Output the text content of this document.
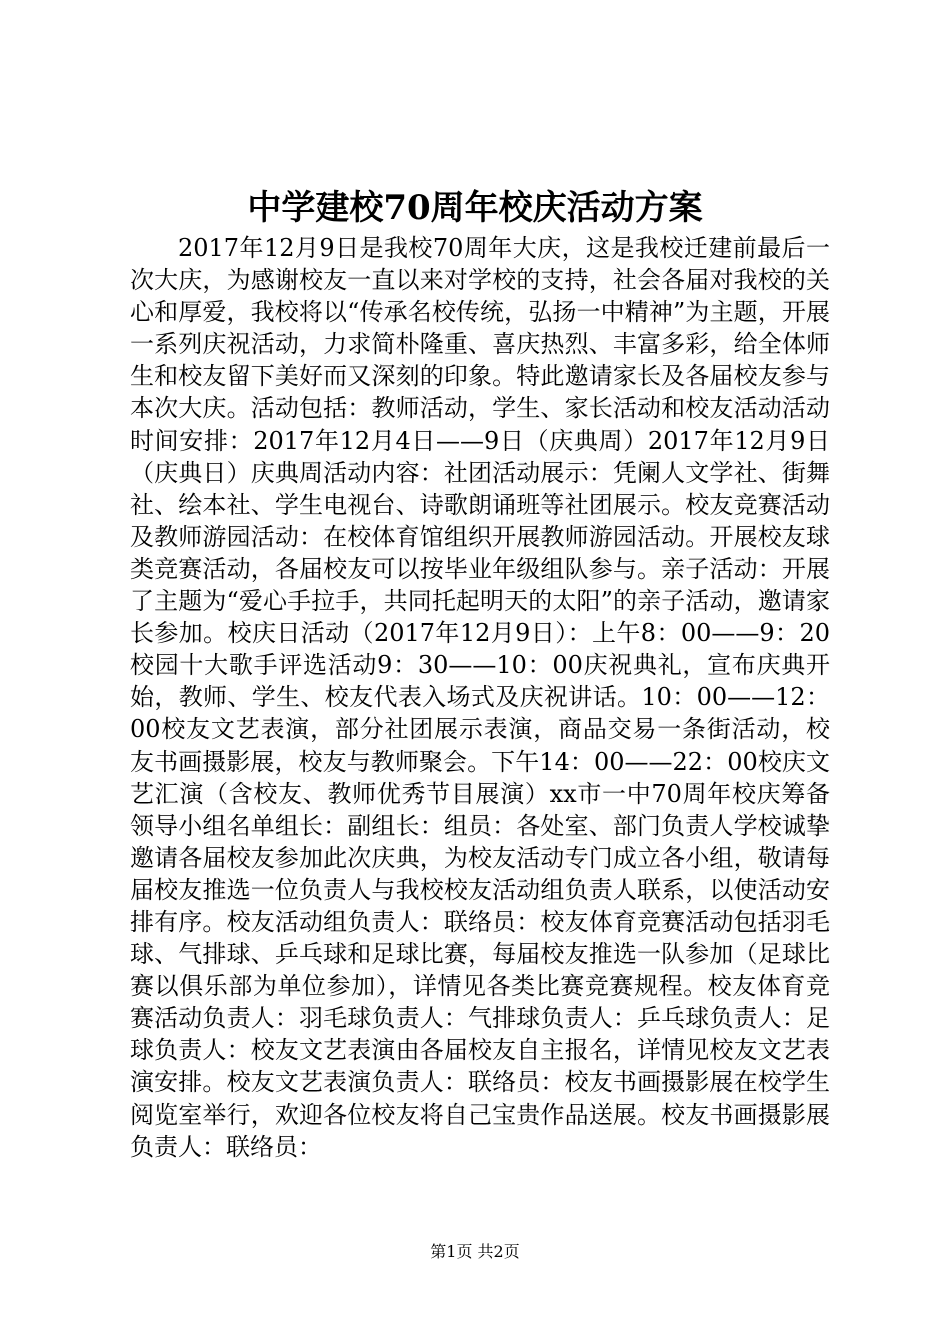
中学建校70周年校庆活动方案

2017年12月9日是我校70周年大庆，这是我校迁建前最后一次大庆，为感谢校友一直以来对学校的支持，社会各届对我校的关心和厚爱，我校将以“传承名校传统，弘扬一中精神”为主题，开展一系列庆祝活动，力求简朴隆重、喜庆热烈、丰富多彩，给全体师生和校友留下美好而又深刻的印象。特此邀请家长及各届校友参与本次大庆。活动包括：教师活动，学生、家长活动和校友活动活动时间安排：2017年12月4日——9日（庆典周）2017年12月9日（庆典日）庆典周活动内容：社团活动展示：凭阑人文学社、街舞社、绘本社、学生电视台、诗歌朗诵班等社团展示。校友竞赛活动及教师游园活动：在校体育馆组织开展教师游园活动。开展校友球类竞赛活动，各届校友可以按毕业年级组队参与。亲子活动：开展了主题为“爱心手拉手，共同托起明天的太阳”的亲子活动，邀请家长参加。校庆日活动（2017年12月9日）：上午8：00——9：20校园十大歌手评选活动9：30——10：00庆祝典礼，宣布庆典开始，教师、学生、校友代表入场式及庆祝讲话。10：00——12：00校友文艺表演，部分社团展示表演，商品交易一条街活动，校友书画摄影展，校友与教师聚会。下午14：00——22：00校庆文艺汇演（含校友、教师优秀节目展演）xx市一中70周年校庆筹备领导小组名单组长：副组长：组员：各处室、部门负责人学校诚挚邀请各届校友参加此次庆典，为校友活动专门成立各小组，敬请每届校友推选一位负责人与我校校友活动组负责人联系，以使活动安排有序。校友活动组负责人：联络员：校友体育竞赛活动包括羽毛球、气排球、乒乓球和足球比赛，每届校友推选一队参加（足球比赛以俱乐部为单位参加），详情见各类比赛竞赛规程。校友体育竞赛活动负责人：羽毛球负责人：气排球负责人：乒乓球负责人：足球负责人：校友文艺表演由各届校友自主报名，详情见校友文艺表演安排。校友文艺表演负责人：联络员：校友书画摄影展在校学生阅览室举行，欢迎各位校友将自己宝贵作品送展。校友书画摄影展负责人：联络员：

第1页 共2页
